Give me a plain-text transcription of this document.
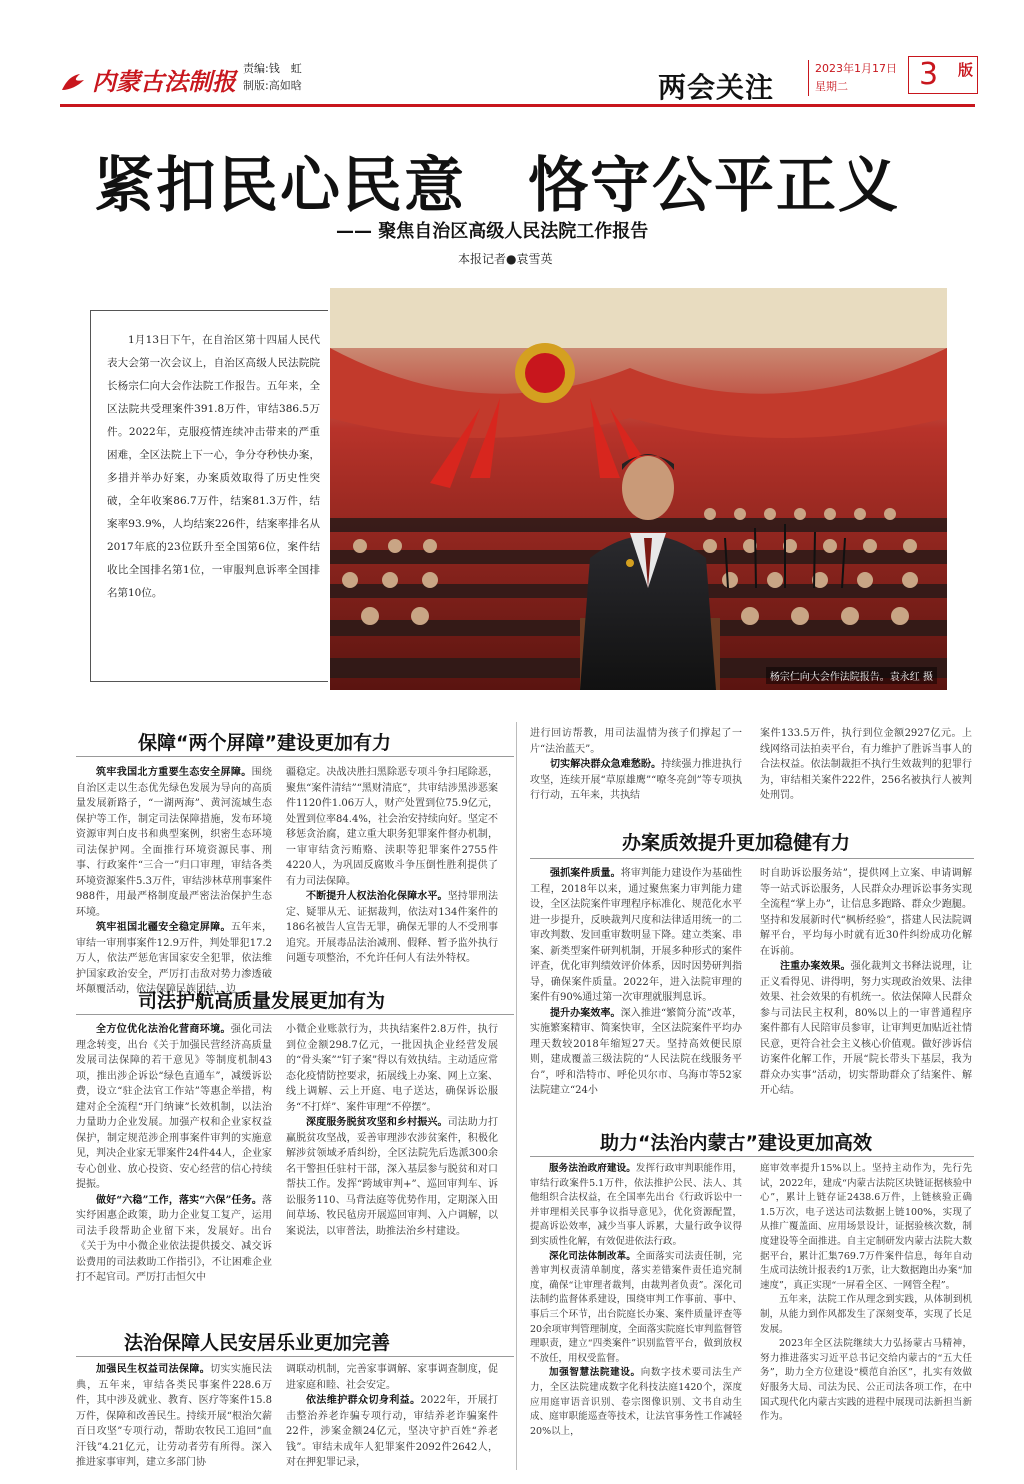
内蒙古法制报 责编:钱　虹
制版:高如晗	两会关注
2023年1月17日
星期二	3 版
紧扣民心民意　恪守公平正义
—— 聚焦自治区高级人民法院工作报告
本报记者●袁雪英
1月13日下午，在自治区第十四届人民代表大会第一次会议上，自治区高级人民法院院长杨宗仁向大会作法院工作报告。五年来，全区法院共受理案件391.8万件，审结386.5万件。2022年，克服疫情连续冲击带来的严重困难，全区法院上下一心，争分夺秒快办案，多措并举办好案，办案质效取得了历史性突破，全年收案86.7万件，结案81.3万件，结案率93.9%，人均结案226件，结案率排名从2017年底的23位跃升至全国第6位，案件结收比全国排名第1位，一审服判息诉率全国排名第10位。
杨宗仁向大会作法院报告。袁永红 摄
保障“两个屏障”建设更加有力

筑牢我国北方重要生态安全屏障。围绕自治区走以生态优先绿色发展为导向的高质量发展新路子，“一湖两海”、黄河流域生态保护等工作，制定司法保障措施，发布环境资源审判白皮书和典型案例，织密生态环境司法保护网。全面推行环境资源民事、刑事、行政案件“三合一”归口审理，审结各类环境资源案件5.3万件，审结涉林草刑事案件988件，用最严格制度最严密法治保护生态环境。

筑牢祖国北疆安全稳定屏障。五年来，审结一审刑事案件12.9万件，判处罪犯17.2万人，依法严惩危害国家安全犯罪，依法维护国家政治安全，严厉打击敌对势力渗透破坏颠覆活动，依法保障民族团结，边

疆稳定。决战决胜扫黑除恶专项斗争扫尾除恶，聚焦“案件清结”“黑财清底”，共审结涉黑涉恶案件1120件1.06万人，财产处置到位75.9亿元，处置到位率84.4%，社会治安持续向好。坚定不移惩贪治腐，建立重大职务犯罪案件督办机制，一审审结贪污贿赂、渎职等犯罪案件2755件4220人，为巩固反腐败斗争压倒性胜利提供了有力司法保障。

不断提升人权法治化保障水平。坚持罪刑法定、疑罪从无、证据裁判，依法对134件案件的186名被告人宣告无罪，确保无罪的人不受刑事追究。开展毒品法治减刑、假释、暂予监外执行问题专项整治，不允许任何人有法外特权。

进行回访帮教，用司法温情为孩子们撑起了一片“法治蓝天”。

切实解决群众急难愁盼。持续强力推进执行攻坚，连续开展“草原雄鹰”“嘹冬亮剑”等专项执行行动，五年来，共执结

案件133.5万件，执行到位金额2927亿元。上线网络司法拍卖平台，有力维护了胜诉当事人的合法权益。依法制裁拒不执行生效裁判的犯罪行为，审结相关案件222件，256名被执行人被判处刑罚。

办案质效提升更加稳健有力

强抓案件质量。将审判能力建设作为基础性工程，2018年以来，通过聚焦案力审判能力建设，全区法院案件审理程序标准化、规范化水平进一步提升，反映裁判尺度和法律适用统一的二审改判数、发回重审数明显下降。建立类案、串案、新类型案件研判机制，开展多种形式的案件评查，优化审判绩效评价体系，因时因势研判指导，确保案件质量。2022年，进入法院审理的案件有90%通过第一次审理就服判息诉。

提升办案效率。深入推进“繁简分流”改革，实施繁案精审、简案快审，全区法院案件平均办理天数较2018年缩短27天。坚持高效便民原则，建成覆盖三级法院的“人民法院在线服务平台”，呼和浩特市、呼伦贝尔市、乌海市等52家法院建立“24小

时自助诉讼服务站”，提供网上立案、申请调解等一站式诉讼服务，人民群众办理诉讼事务实现全流程“掌上办”，让信息多跑路、群众少跑腿。坚持和发展新时代“枫桥经验”，搭建人民法院调解平台，平均每小时就有近30件纠纷成功化解在诉前。

注重办案效果。强化裁判文书释法说理，让正义看得见、讲得明，努力实现政治效果、法律效果、社会效果的有机统一。依法保障人民群众参与司法民主权利，80%以上的一审普通程序案件都有人民陪审员参审，让审判更加贴近社情民意，更符合社会主义核心价值观。做好涉诉信访案件化解工作，开展“院长带头下基层，我为群众办实事”活动，切实帮助群众了结案件、解开心结。

司法护航高质量发展更加有为

全方位优化法治化营商环境。强化司法理念转变，出台《关于加强民营经济高质量发展司法保障的若干意见》等制度机制43项，推出涉企诉讼“绿色直通车”，减缓诉讼费，设立“驻企法官工作站”等惠企举措，构建对企全流程“开门纳谏”长效机制，以法治力量助力企业发展。加强产权和企业家权益保护，制定规范涉企刑事案件审判的实施意见，判决企业家无罪案件24件44人，企业家专心创业、放心投资、安心经营的信心持续提振。

做好“六稳”工作，落实“六保”任务。落实纾困惠企政策，助力企业复工复产，运用司法手段帮助企业留下来，发展好。出台《关于为中小微企业依法提供援交、减交诉讼费用的司法救助工作指引》，不让困难企业打不起官司。严厉打击恒欠中

小微企业账款行为，共执结案件2.8万件，执行到位金额298.7亿元，一批因执企业经营发展的“骨头案”“钉子案”得以有效执结。主动适应常态化疫情防控要求，拓展线上办案、网上立案、线上调解、云上开庭、电子送达，确保诉讼服务“不打烊”、案件审理“不停摆”。

深度服务脱贫攻坚和乡村振兴。司法助力打赢脱贫攻坚战，妥善审理涉农涉贫案件，积极化解涉贫领域矛盾纠纷，全区法院先后选派300余名干警担任驻村干部，深入基层参与脱贫和对口帮扶工作。发挥“跨域审判+”、巡回审判车、诉讼服务110、马背法庭等优势作用，定期深入田间草场、牧民毡房开展巡回审判、入户调解，以案说法，以审普法，助推法治乡村建设。

助力“法治内蒙古”建设更加高效

服务法治政府建设。发挥行政审判职能作用，审结行政案件5.1万件，依法推护公民、法人、其他组织合法权益，在全国率先出台《行政诉讼中一并审理相关民事争议指导意见》，优化资源配置，提高诉讼效率，减少当事人诉累，大量行政争议得到实质性化解，有效促进依法行政。

深化司法体制改革。全面落实司法责任制，完善审判权责清单制度，落实差错案件责任追究制度，确保“让审理者裁判，由裁判者负责”。深化司法制约监督体系建设，围绕审判工作事前、事中、事后三个环节，出台院庭长办案、案件质量评查等20余项审判管理制度，全面落实院庭长审判监督管理职责，建立“四类案件”识别监管平台，做到放权不放任，用权受监督。

加强智慧法院建设。向数字技术要司法生产力，全区法院建成数字化科技法庭1420个，深度应用庭审语音识别、卷宗图像识别、文书自动生成、庭审职能巡查等技术，让法官事务性工作减轻20%以上，

庭审效率提升15%以上。坚持主动作为，先行先试，2022年，建成“内蒙古法院区块链证据核验中心”，累计上链存证2438.6万件，上链核验正确1.5万次，电子送达司法数据上链100%，实现了从推广覆盖面、应用场景设计，证据验核次数，制度建设等全面推进。自主定制研发内蒙古法院大数据平台，累计汇集769.7万件案件信息，每年自动生成司法统计报表约1万张，让大数据跑出办案“加速度”，真正实现“一屏看全区、一网管全程”。

五年来，法院工作从理念到实践，从体制到机制，从能力到作风都发生了深刻变革，实现了长足发展。

2023年全区法院继续大力弘扬蒙古马精神，努力推进落实习近平总书记交给内蒙古的“五大任务”，助力全方位建设“模范自治区”，扎实有效做好服务大局、司法为民、公正司法各项工作，在中国式现代化内蒙古实践的进程中展现司法新担当新作为。

法治保障人民安居乐业更加完善

加强民生权益司法保障。切实实施民法典，五年来，审结各类民事案件228.6万件，其中涉及就业、教育、医疗等案件15.8万件，保障和改善民生。持续开展“根治欠薪百日攻坚”专项行动，帮助农牧民工追回“血汗钱”4.21亿元，让劳动者劳有所得。深入推进家事审判，建立多部门协

调联动机制，完善家事调解、家事调查制度，促进家庭和睦、社会安定。

依法维护群众切身利益。2022年，开展打击整治养老诈骗专项行动，审结养老诈骗案件22件，涉案金额24亿元，坚决守护百姓“养老钱”。审结未成年人犯罪案件2092件2642人，对在押犯罪记录，
